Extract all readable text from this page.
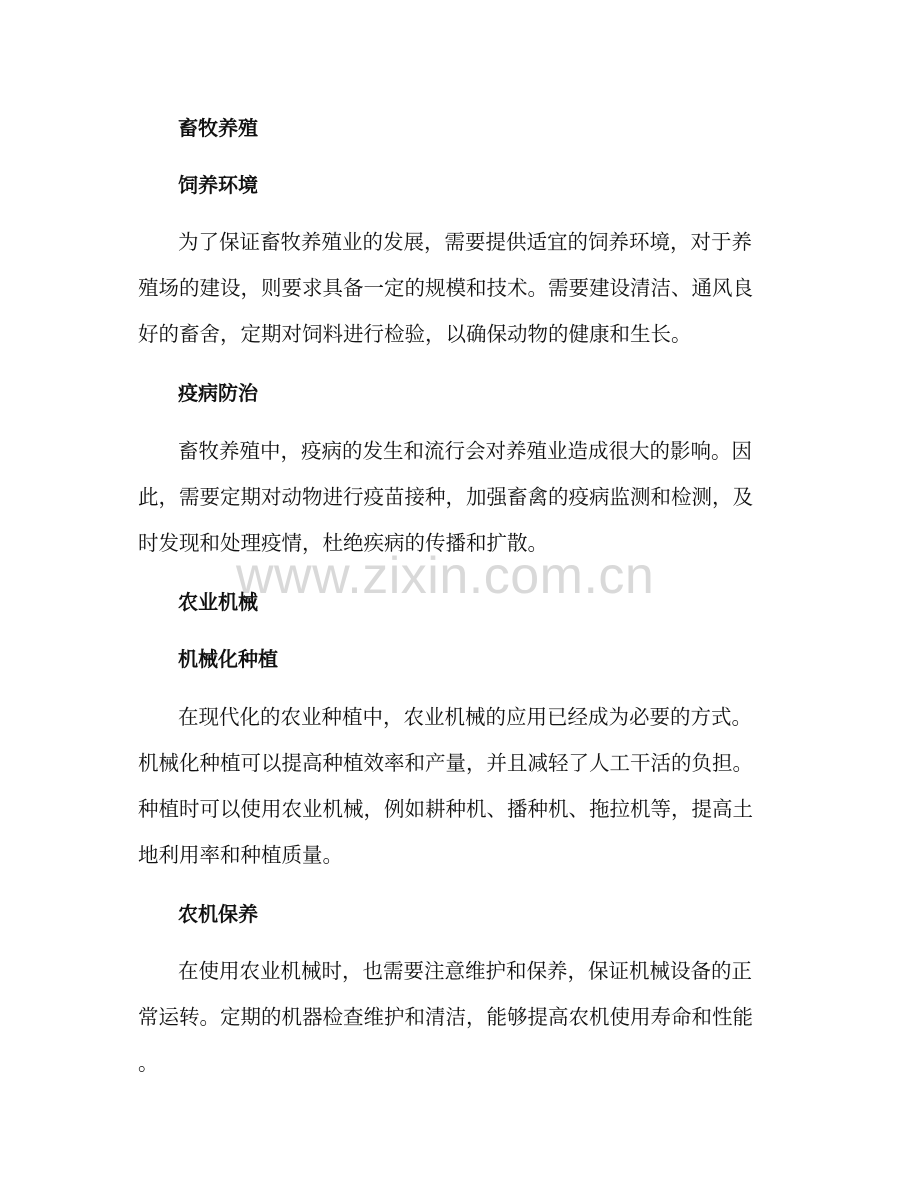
畜牧养殖
饲养环境

为了保证畜牧养殖业的发展，需要提供适宜的饲养环境，对于养
殖场的建设，则要求具备一定的规模和技术。需要建设清洁、通风良
好的畜舍，定期对饲料进行检验，以确保动物的健康和生长。

疫病防治

畜牧养殖中，疫病的发生和流行会对养殖业造成很大的影响。因
此，需要定期对动物进行疫苗接种，加强畜禽的疫病监测和检测，及
时发现和处理疫情，杜绝疾病的传播和扩散。

农业机械
机械化种植

在现代化的农业种植中，农业机械的应用已经成为必要的方式。
机械化种植可以提高种植效率和产量，并且减轻了人工干活的负担。
种植时可以使用农业机械，例如耕种机、播种机、拖拉机等，提高土
地利用率和种植质量。

农机保养

在使用农业机械时，也需要注意维护和保养，保证机械设备的正
常运转。定期的机器检查维护和清洁，能够提高农机使用寿命和性能
。

www.zixin.com.cn
